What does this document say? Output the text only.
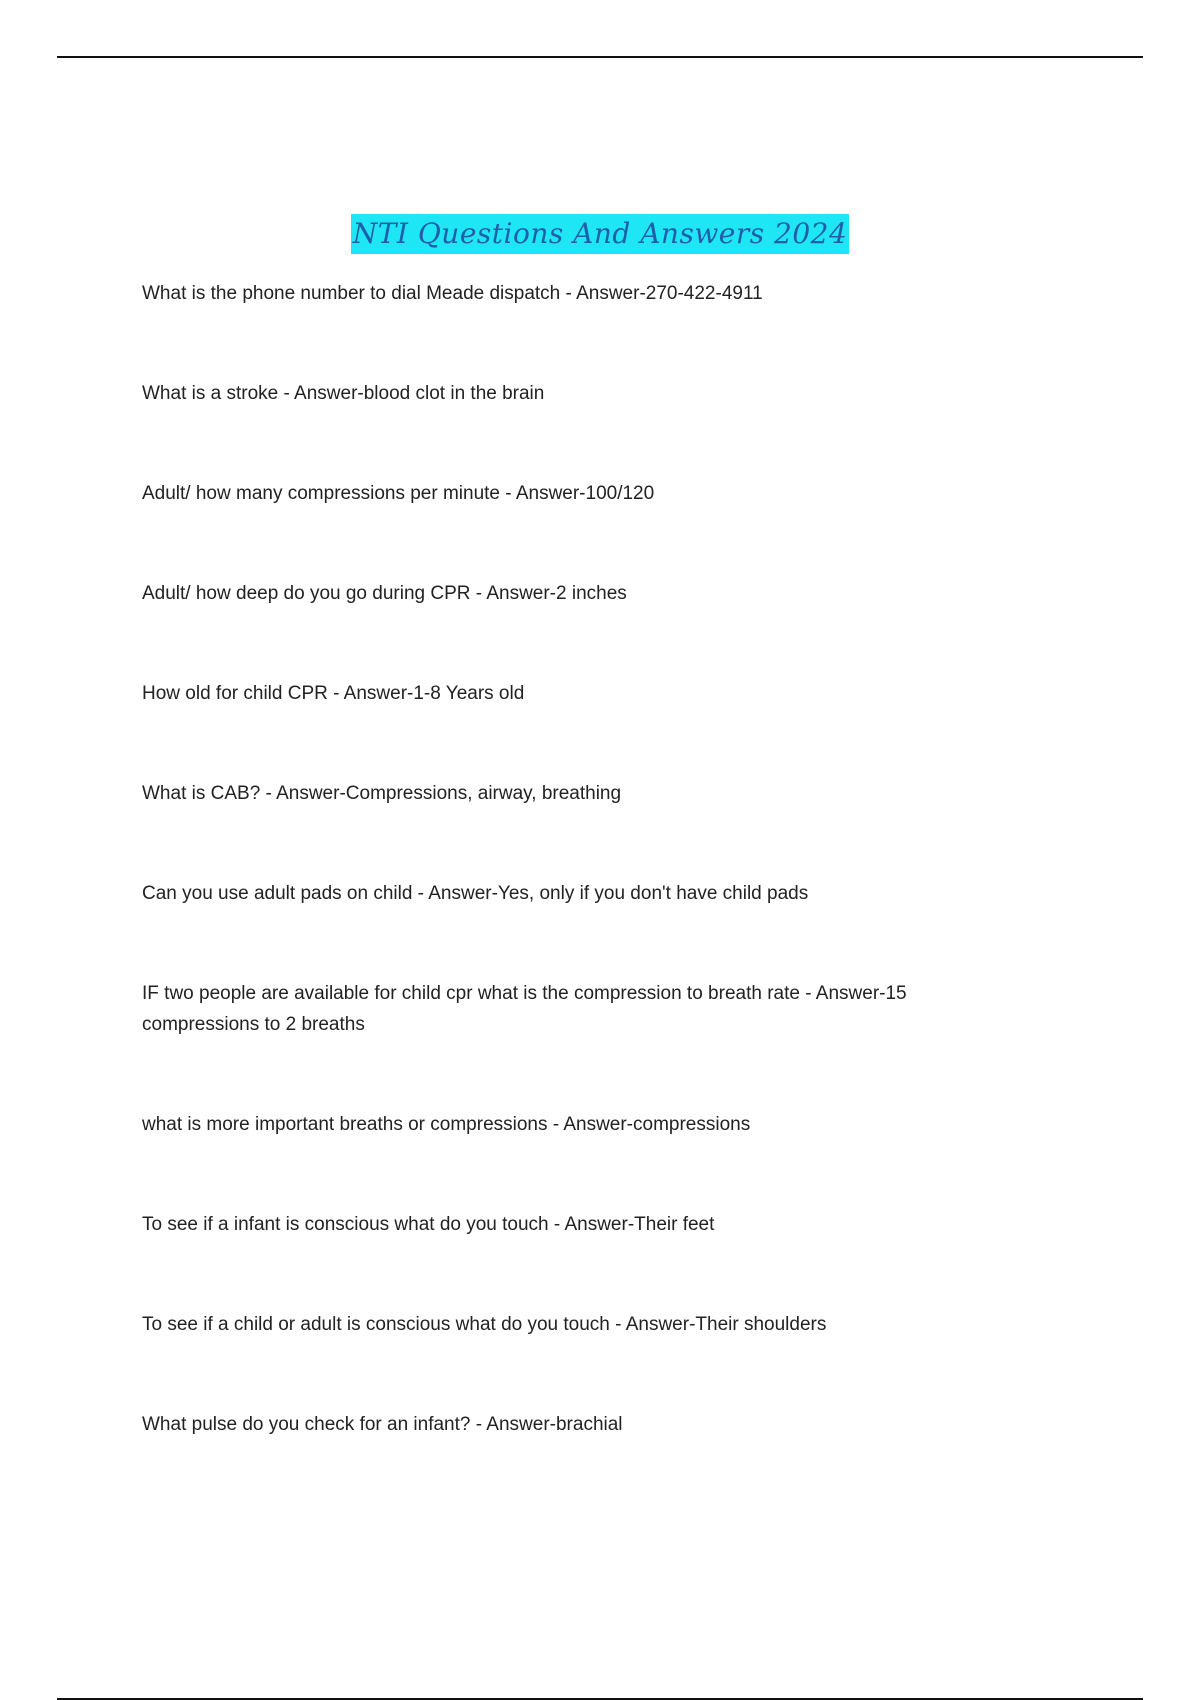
NTI Questions And Answers 2024
What is the phone number to dial Meade dispatch - Answer-270-422-4911
What is a stroke - Answer-blood clot in the brain
Adult/ how many compressions per minute - Answer-100/120
Adult/ how deep do you go during CPR - Answer-2 inches
How old for child CPR - Answer-1-8 Years old
What is CAB? - Answer-Compressions, airway, breathing
Can you use adult pads on child - Answer-Yes, only if you don't have child pads
IF two people are available for child cpr what is the compression to breath rate - Answer-15 compressions to 2 breaths
what is more important breaths or compressions - Answer-compressions
To see if a infant is conscious what do you touch - Answer-Their feet
To see if a child or adult is conscious what do you touch - Answer-Their shoulders
What pulse do you check for an infant? - Answer-brachial
